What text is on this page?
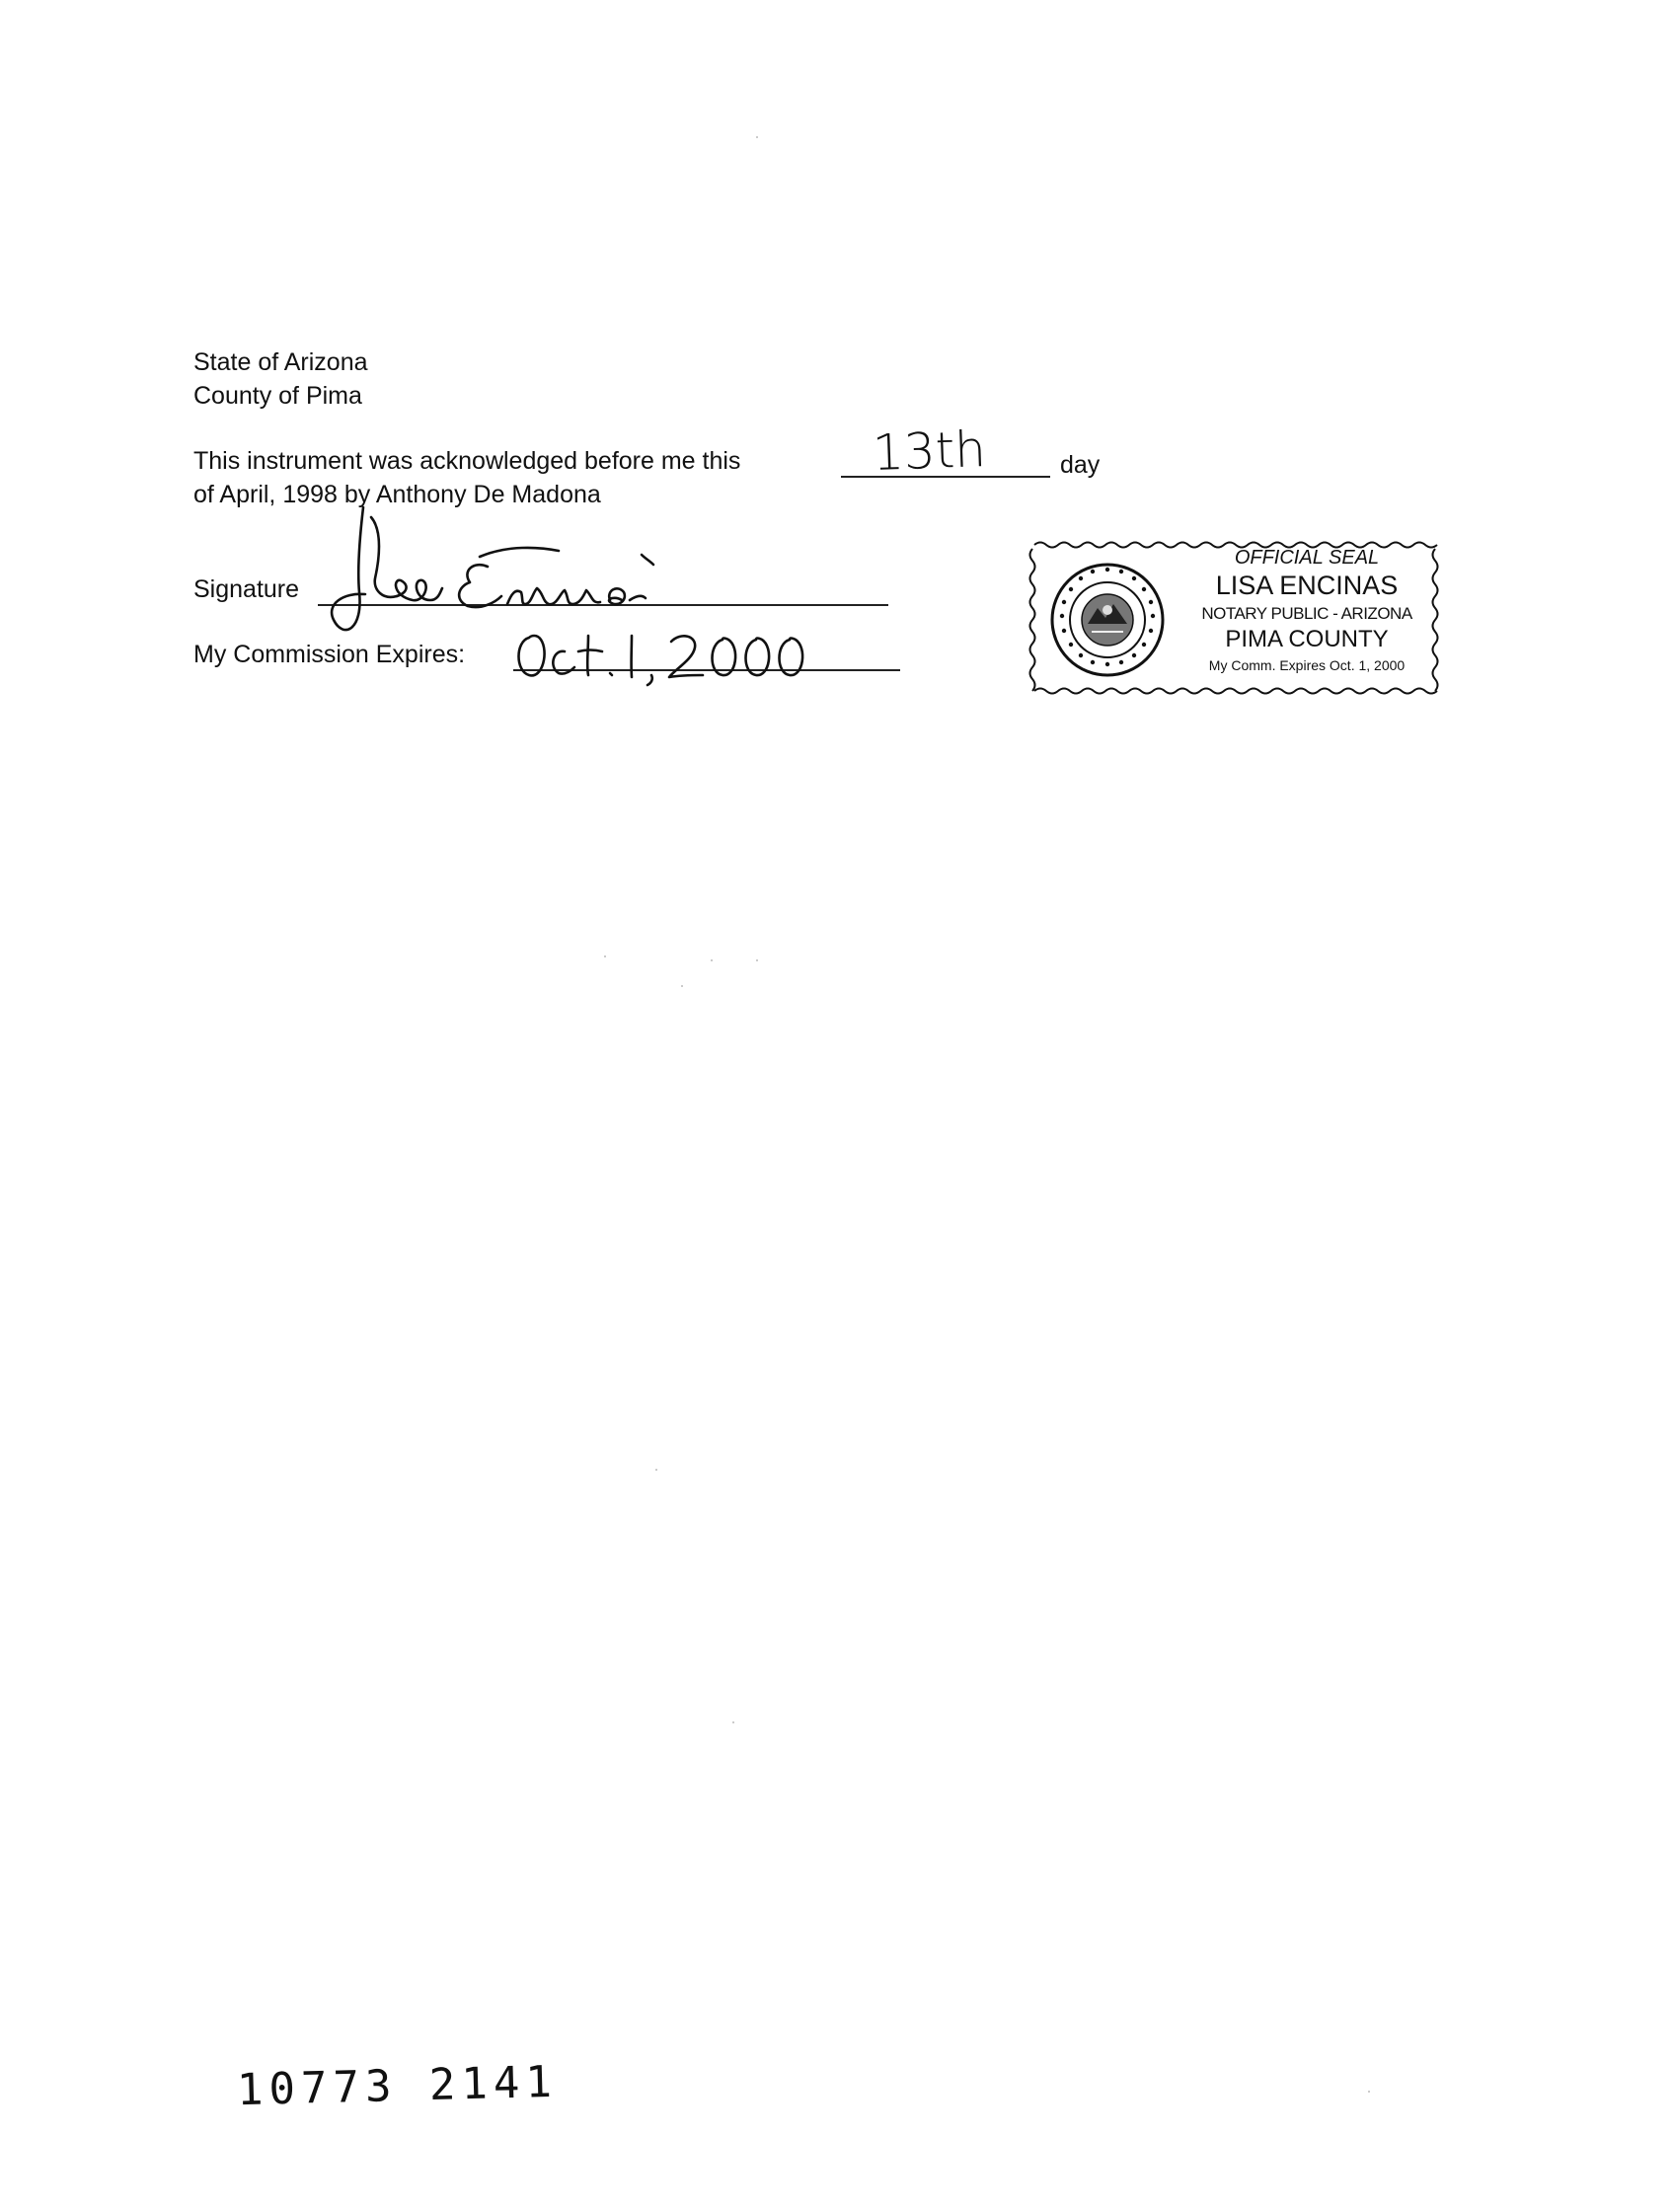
State of Arizona
County of Pima
This instrument was acknowledged before me this	13th	day
of April, 1998 by Anthony De Madona
Signature
My Commission Expires:
OFFICIAL SEAL
LISA ENCINAS
NOTARY PUBLIC - ARIZONA
PIMA COUNTY
My Comm. Expires Oct. 1, 2000
10773 2141
